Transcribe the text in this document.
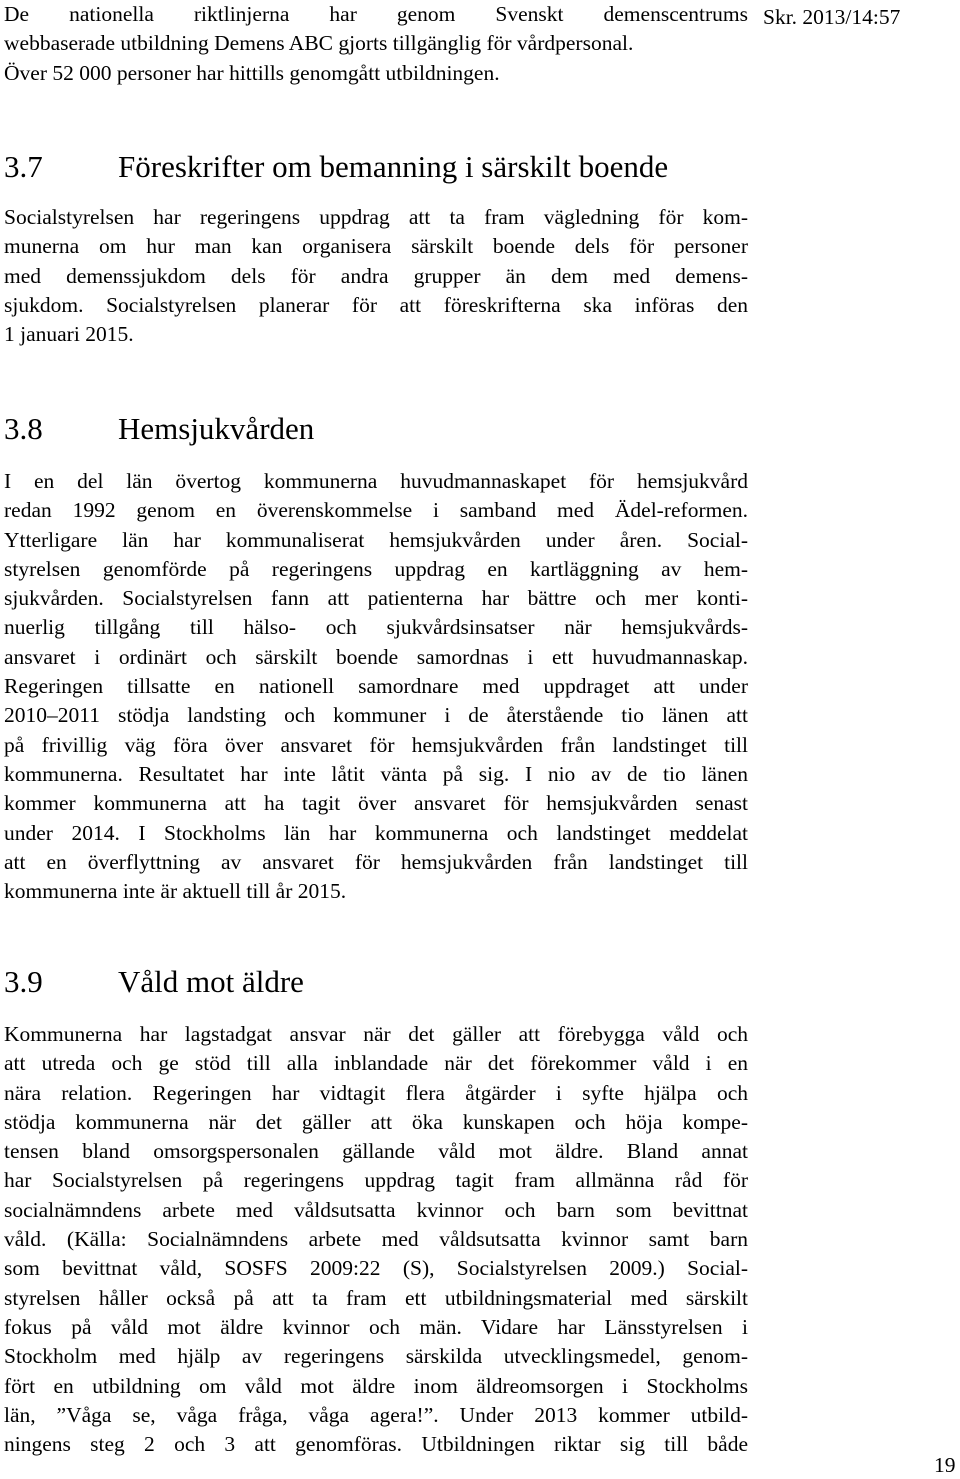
Skr. 2013/14:57
De nationella riktlinjerna har genom Svenskt demenscentrums
webbaserade utbildning Demens ABC gjorts tillgänglig för vårdpersonal.
Över 52 000 personer har hittills genomgått utbildningen.
3.7 Föreskrifter om bemanning i särskilt boende
Socialstyrelsen har regeringens uppdrag att ta fram vägledning för kom-
munerna om hur man kan organisera särskilt boende dels för personer
med demenssjukdom dels för andra grupper än dem med demens-
sjukdom. Socialstyrelsen planerar för att föreskrifterna ska införas den
1 januari 2015.
3.8 Hemsjukvården
I en del län övertog kommunerna huvudmannaskapet för hemsjukvård
redan 1992 genom en överenskommelse i samband med Ädel-reformen.
Ytterligare län har kommunaliserat hemsjukvården under åren. Social-
styrelsen genomförde på regeringens uppdrag en kartläggning av hem-
sjukvården. Socialstyrelsen fann att patienterna har bättre och mer konti-
nuerlig tillgång till hälso- och sjukvårdsinsatser när hemsjukvårds-
ansvaret i ordinärt och särskilt boende samordnas i ett huvudmannaskap.
Regeringen tillsatte en nationell samordnare med uppdraget att under
2010–2011 stödja landsting och kommuner i de återstående tio länen att
på frivillig väg föra över ansvaret för hemsjukvården från landstinget till
kommunerna. Resultatet har inte låtit vänta på sig. I nio av de tio länen
kommer kommunerna att ha tagit över ansvaret för hemsjukvården senast
under 2014. I Stockholms län har kommunerna och landstinget meddelat
att en överflyttning av ansvaret för hemsjukvården från landstinget till
kommunerna inte är aktuell till år 2015.
3.9 Våld mot äldre
Kommunerna har lagstadgat ansvar när det gäller att förebygga våld och
att utreda och ge stöd till alla inblandade när det förekommer våld i en
nära relation. Regeringen har vidtagit flera åtgärder i syfte hjälpa och
stödja kommunerna när det gäller att öka kunskapen och höja kompe-
tensen bland omsorgspersonalen gällande våld mot äldre. Bland annat
har Socialstyrelsen på regeringens uppdrag tagit fram allmänna råd för
socialnämndens arbete med våldsutsatta kvinnor och barn som bevittnat
våld. (Källa: Socialnämndens arbete med våldsutsatta kvinnor samt barn
som bevittnat våld, SOSFS 2009:22 (S), Socialstyrelsen 2009.) Social-
styrelsen håller också på att ta fram ett utbildningsmaterial med särskilt
fokus på våld mot äldre kvinnor och män. Vidare har Länsstyrelsen i
Stockholm med hjälp av regeringens särskilda utvecklingsmedel, genom-
fört en utbildning om våld mot äldre inom äldreomsorgen i Stockholms
län, ”Våga se, våga fråga, våga agera!”. Under 2013 kommer utbild-
ningens steg 2 och 3 att genomföras. Utbildningen riktar sig till både
19
